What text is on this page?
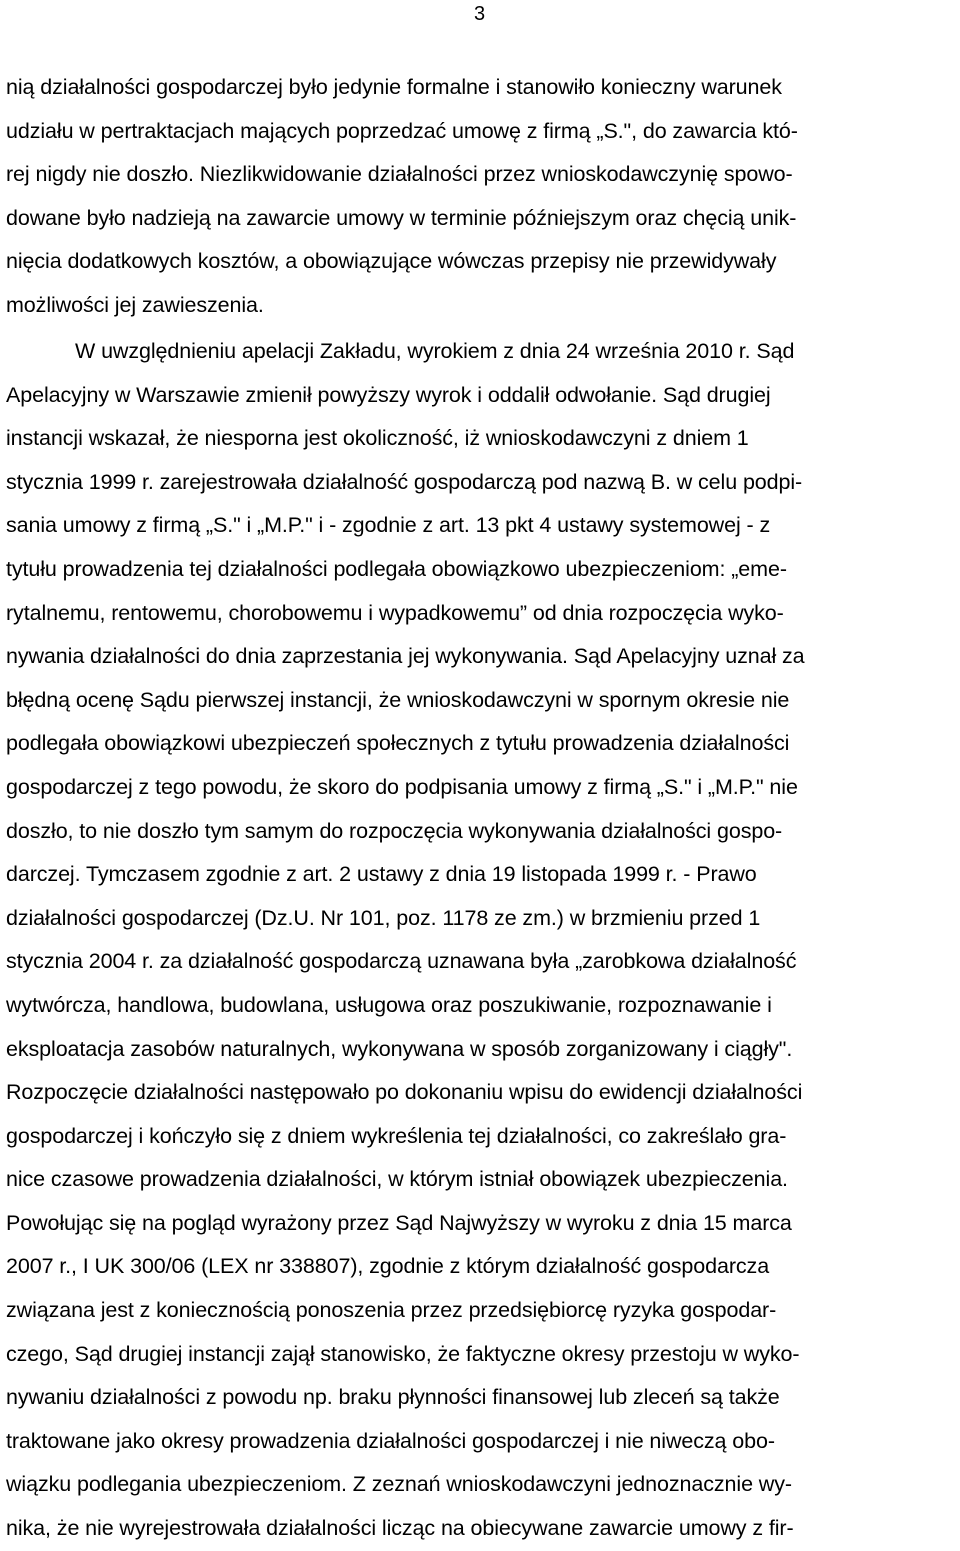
3
nią działalności gospodarczej było jedynie formalne i stanowiło konieczny warunek
udziału w pertraktacjach mających poprzedzać umowę z firmą „S.", do zawarcia któ-
rej nigdy nie doszło. Niezlikwidowanie działalności przez wnioskodawczynię spowo-
dowane było nadzieją na zawarcie umowy w terminie późniejszym oraz chęcią unik-
nięcia dodatkowych kosztów, a obowiązujące wówczas przepisy nie przewidywały
możliwości jej zawieszenia.
W uwzględnieniu apelacji Zakładu, wyrokiem z dnia 24 września 2010 r. Sąd
Apelacyjny w Warszawie zmienił powyższy wyrok i oddalił odwołanie. Sąd drugiej
instancji wskazał, że niesporna jest okoliczność, iż wnioskodawczyni z dniem 1
stycznia 1999 r. zarejestrowała działalność gospodarczą pod nazwą B. w celu podpi-
sania umowy z firmą „S." i „M.P." i - zgodnie z art. 13 pkt 4 ustawy systemowej - z
tytułu prowadzenia tej działalności podlegała obowiązkowo ubezpieczeniom: „eme-
rytalnemu, rentowemu, chorobowemu i wypadkowemu” od dnia rozpoczęcia wyko-
nywania działalności do dnia zaprzestania jej wykonywania. Sąd Apelacyjny uznał za
błędną ocenę Sądu pierwszej instancji, że wnioskodawczyni w spornym okresie nie
podlegała obowiązkowi ubezpieczeń społecznych z tytułu prowadzenia działalności
gospodarczej z tego powodu, że skoro do podpisania umowy z firmą „S." i „M.P." nie
doszło, to nie doszło tym samym do rozpoczęcia wykonywania działalności gospo-
darczej. Tymczasem zgodnie z art. 2 ustawy z dnia 19 listopada 1999 r. - Prawo
działalności gospodarczej (Dz.U. Nr 101, poz. 1178 ze zm.) w brzmieniu przed 1
stycznia 2004 r. za działalność gospodarczą uznawana była „zarobkowa działalność
wytwórcza, handlowa, budowlana, usługowa oraz poszukiwanie, rozpoznawanie i
eksploatacja zasobów naturalnych, wykonywana w sposób zorganizowany i ciągły".
Rozpoczęcie działalności następowało po dokonaniu wpisu do ewidencji działalności
gospodarczej i kończyło się z dniem wykreślenia tej działalności, co zakreślało gra-
nice czasowe prowadzenia działalności, w którym istniał obowiązek ubezpieczenia.
Powołując się na pogląd wyrażony przez Sąd Najwyższy w wyroku z dnia 15 marca
2007 r., I UK 300/06 (LEX nr 338807), zgodnie z którym działalność gospodarcza
związana jest z koniecznością ponoszenia przez przedsiębiorcę ryzyka gospodar-
czego, Sąd drugiej instancji zajął stanowisko, że faktyczne okresy przestoju w wyko-
nywaniu działalności z powodu np. braku płynności finansowej lub zleceń są także
traktowane jako okresy prowadzenia działalności gospodarczej i nie niweczą obo-
wiązku podlegania ubezpieczeniom. Z zeznań wnioskodawczyni jednoznacznie wy-
nika, że nie wyrejestrowała działalności licząc na obiecywane zawarcie umowy z fir-
